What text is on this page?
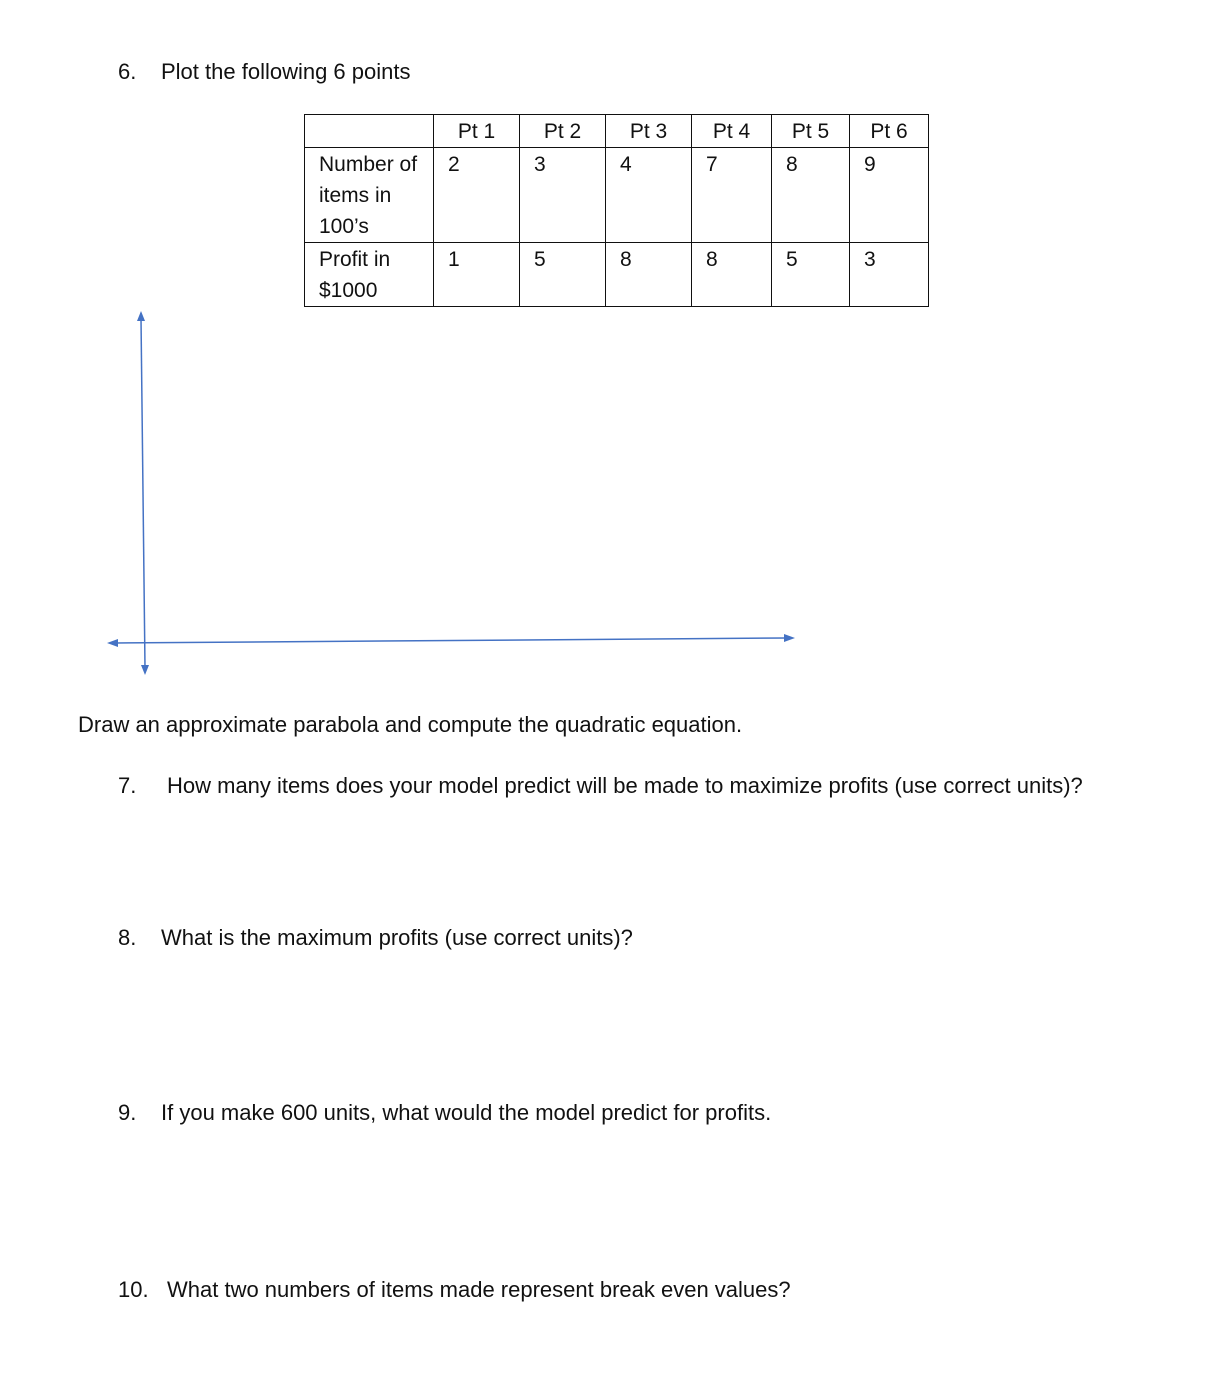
6. Plot the following 6 points
	Pt 1	Pt 2	Pt 3	Pt 4	Pt 5	Pt 6
Number of items in 100’s	2	3	4	7	8	9
Profit in $1000	1	5	8	8	5	3
Draw an approximate parabola and compute the quadratic equation.
7. How many items does your model predict will be made to maximize profits (use correct units)?
8. What is the maximum profits (use correct units)?
9. If you make 600 units, what would the model predict for profits.
10. What two numbers of items made represent break even values?
